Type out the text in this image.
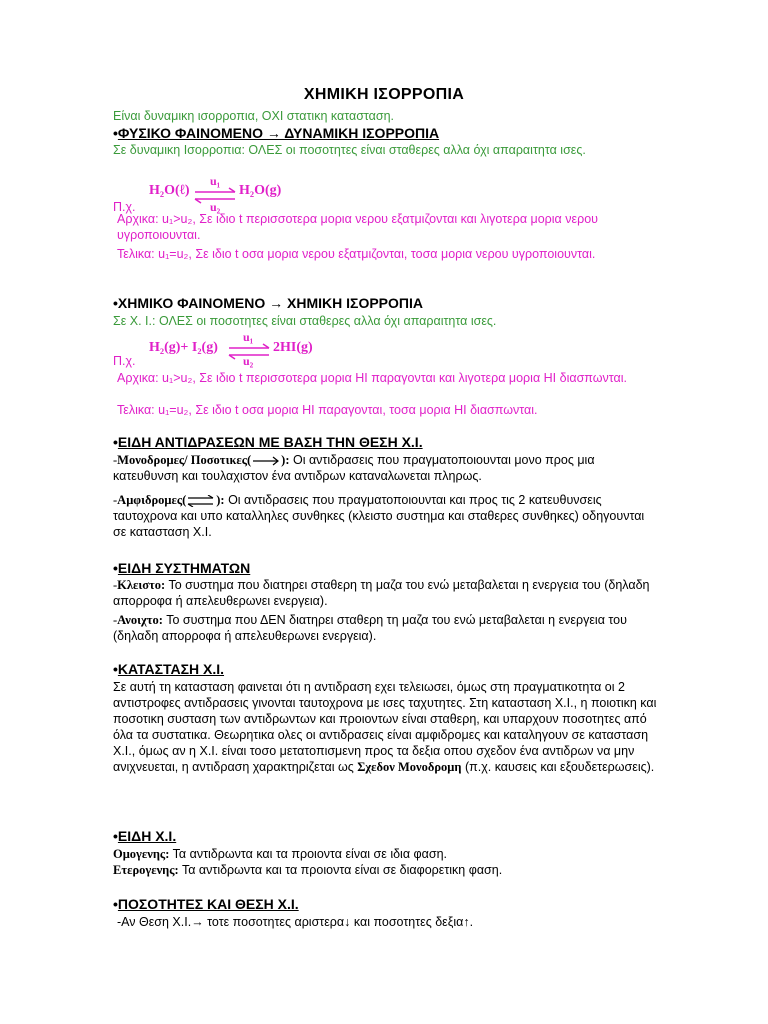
ΧΗΜΙΚΗ ΙΣΟΡΡΟΠΙΑ
Είναι δυναμικη ισορροπια, ΟΧΙ στατικη κατασταση.
•ΦΥΣΙΚΟ ΦΑΙΝΟΜΕΝΟ → ΔΥΝΑΜΙΚΗ ΙΣΟΡΡΟΠΙΑ
Σε δυναμικη Ισορροπια: ΟΛΕΣ οι ποσοτητες είναι σταθερες αλλα όχι απαραιτητα ισες.
Π.χ.
H₂O(ℓ)
u₁
u₂
H₂O(g)
Αρχικα: u₁>u₂, Σε ιδιο t περισσοτερα μορια νερου εξατμιζονται και λιγοτερα μορια νερου υγροποιουνται.
Τελικα: u₁=u₂, Σε ιδιο t οσα μορια νερου εξατμιζονται, τοσα μορια νερου υγροποιουνται.
•ΧΗΜΙΚΟ ΦΑΙΝΟΜΕΝΟ → ΧΗΜΙΚΗ ΙΣΟΡΡΟΠΙΑ
Σε Χ. Ι.: ΟΛΕΣ οι ποσοτητες είναι σταθερες αλλα όχι απαραιτητα ισες.
Π.χ.
H₂(g)+ I₂(g)
u₁
u₂
2HI(g)
Αρχικα: u₁>u₂, Σε ιδιο t περισσοτερα μορια HI παραγονται και λιγοτερα μορια HI διασπωνται.
Τελικα: u₁=u₂, Σε ιδιο t οσα μορια HI παραγονται, τοσα μορια HI διασπωνται.
•ΕΙΔΗ ΑΝΤΙΔΡΑΣΕΩΝ ΜΕ ΒΑΣΗ ΤΗΝ ΘΕΣΗ Χ.Ι.
-Μονοδρομες/ Ποσοτικες( ): Οι αντιδρασεις που πραγματοποιουνται μονο προς μια κατευθυνση και τουλαχιστον ένα αντιδρων καταναλωνεται πληρως.
-Αμφιδρομες( ): Οι αντιδρασεις που πραγματοποιουνται και προς τις 2 κατευθυνσεις ταυτοχρονα και υπο καταλληλες συνθηκες (κλειστο συστημα και σταθερες συνθηκες) οδηγουνται σε κατασταση Χ.Ι.
•ΕΙΔΗ ΣΥΣΤΗΜΑΤΩΝ
-Κλειστο: Το συστημα που διατηρει σταθερη τη μαζα του ενώ μεταβαλεται η ενεργεια του (δηλαδη απορροφα ή απελευθερωνει ενεργεια).
-Ανοιχτο: Το συστημα που ΔΕΝ διατηρει σταθερη τη μαζα του ενώ μεταβαλεται η ενεργεια του (δηλαδη απορροφα ή απελευθερωνει ενεργεια).
•ΚΑΤΑΣΤΑΣΗ Χ.Ι.
Σε αυτή τη κατασταση φαινεται ότι η αντιδραση εχει τελειωσει, όμως στη πραγματικοτητα οι 2 αντιστροφες αντιδρασεις γινονται ταυτοχρονα με ισες ταχυτητες. Στη κατασταση Χ.Ι., η ποιοτικη και ποσοτικη συσταση των αντιδρωντων και προιοντων είναι σταθερη, και υπαρχουν ποσοτητες από όλα τα συστατικα. Θεωρητικα ολες οι αντιδρασεις είναι αμφιδρομες και καταληγουν σε κατασταση Χ.Ι., όμως αν η Χ.Ι. είναι τοσο μετατοπισμενη προς τα δεξια οπου σχεδον ένα αντιδρων να μην ανιχνευεται, η αντιδραση χαρακτηριζεται ως Σχεδον Μονοδρομη (π.χ. καυσεις και εξουδετερωσεις).
•ΕΙΔΗ Χ.Ι.
Ομογενης: Τα αντιδρωντα και τα προιοντα είναι σε ιδια φαση.
Ετερογενης: Τα αντιδρωντα και τα προιοντα είναι σε διαφορετικη φαση.
•ΠΟΣΟΤΗΤΕΣ ΚΑΙ ΘΕΣΗ Χ.Ι.
-Αν Θεση Χ.Ι.→ τοτε ποσοτητες αριστερα↓ και ποσοτητες δεξια↑.
